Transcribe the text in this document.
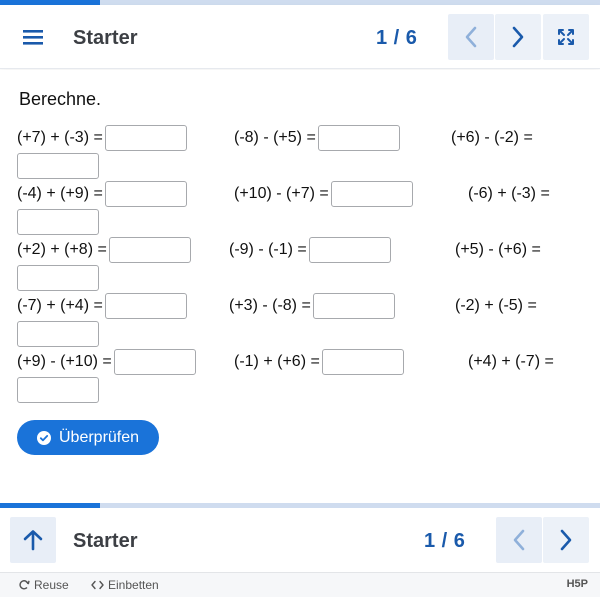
Starter	1 / 6
Berechne.
(+7) + (-3) =	(-8) - (+5) =	(+6) - (-2) =
(-4) + (+9) =	(+10) - (+7) =	(-6) + (-3) =
(+2) + (+8) =	(-9) - (-1) =	(+5) - (+6) =
(-7) + (+4) =	(+3) - (-8) =	(-2) + (-5) =
(+9) - (+10) =	(-1) + (+6) =	(+4) + (-7) =
Überprüfen
Starter	1 / 6
Reuse	Einbetten	H5P
